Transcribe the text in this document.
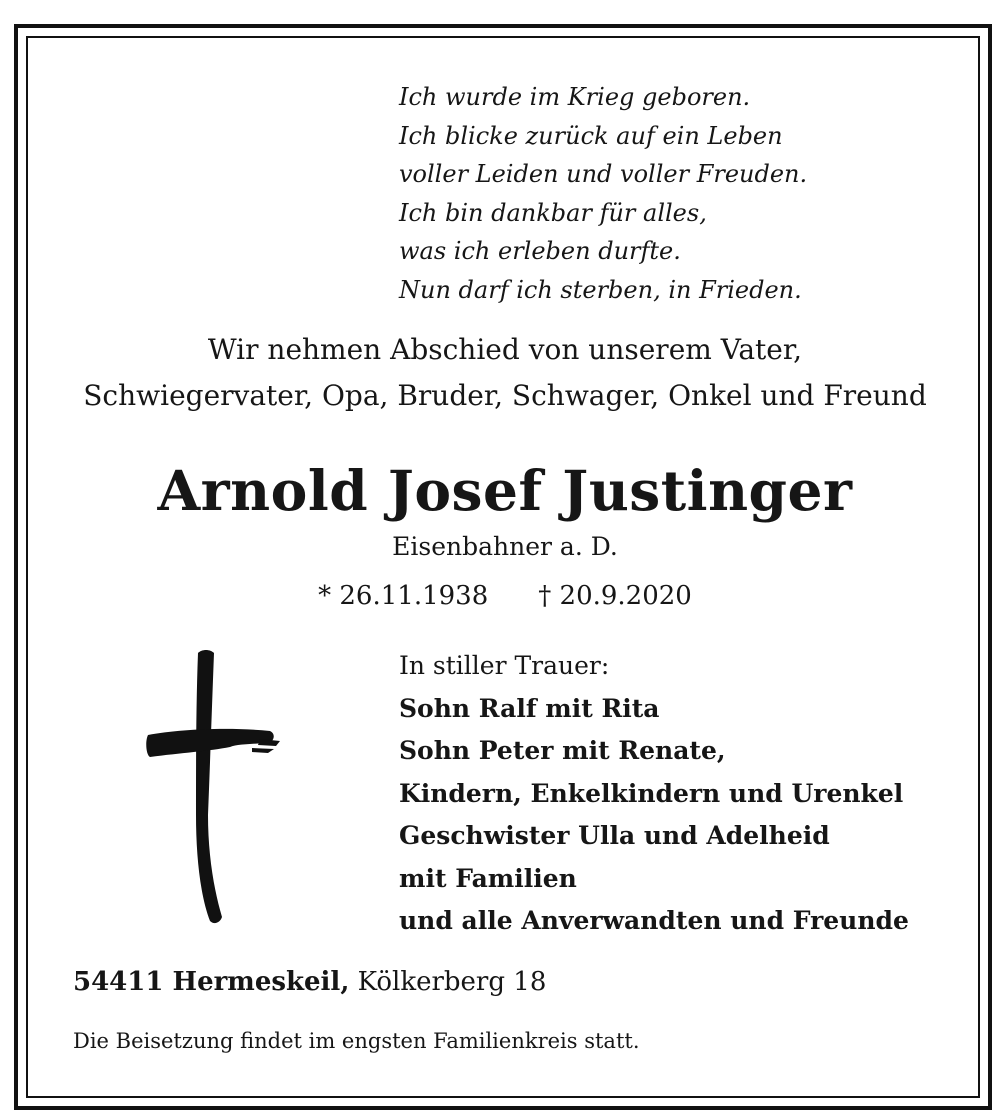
Ich wurde im Krieg geboren.
Ich blicke zurück auf ein Leben
voller Leiden und voller Freuden.
Ich bin dankbar für alles,
was ich erleben durfte.
Nun darf ich sterben, in Frieden.
Wir nehmen Abschied von unserem Vater,
Schwiegervater, Opa, Bruder, Schwager, Onkel und Freund
Arnold Josef Justinger
Eisenbahner a. D.
* 26.11.1938 † 20.9.2020
In stiller Trauer:
Sohn Ralf mit Rita
Sohn Peter mit Renate,
Kindern, Enkelkindern und Urenkel
Geschwister Ulla und Adelheid
mit Familien
und alle Anverwandten und Freunde
54411 Hermeskeil, Kölkerberg 18
Die Beisetzung findet im engsten Familienkreis statt.
